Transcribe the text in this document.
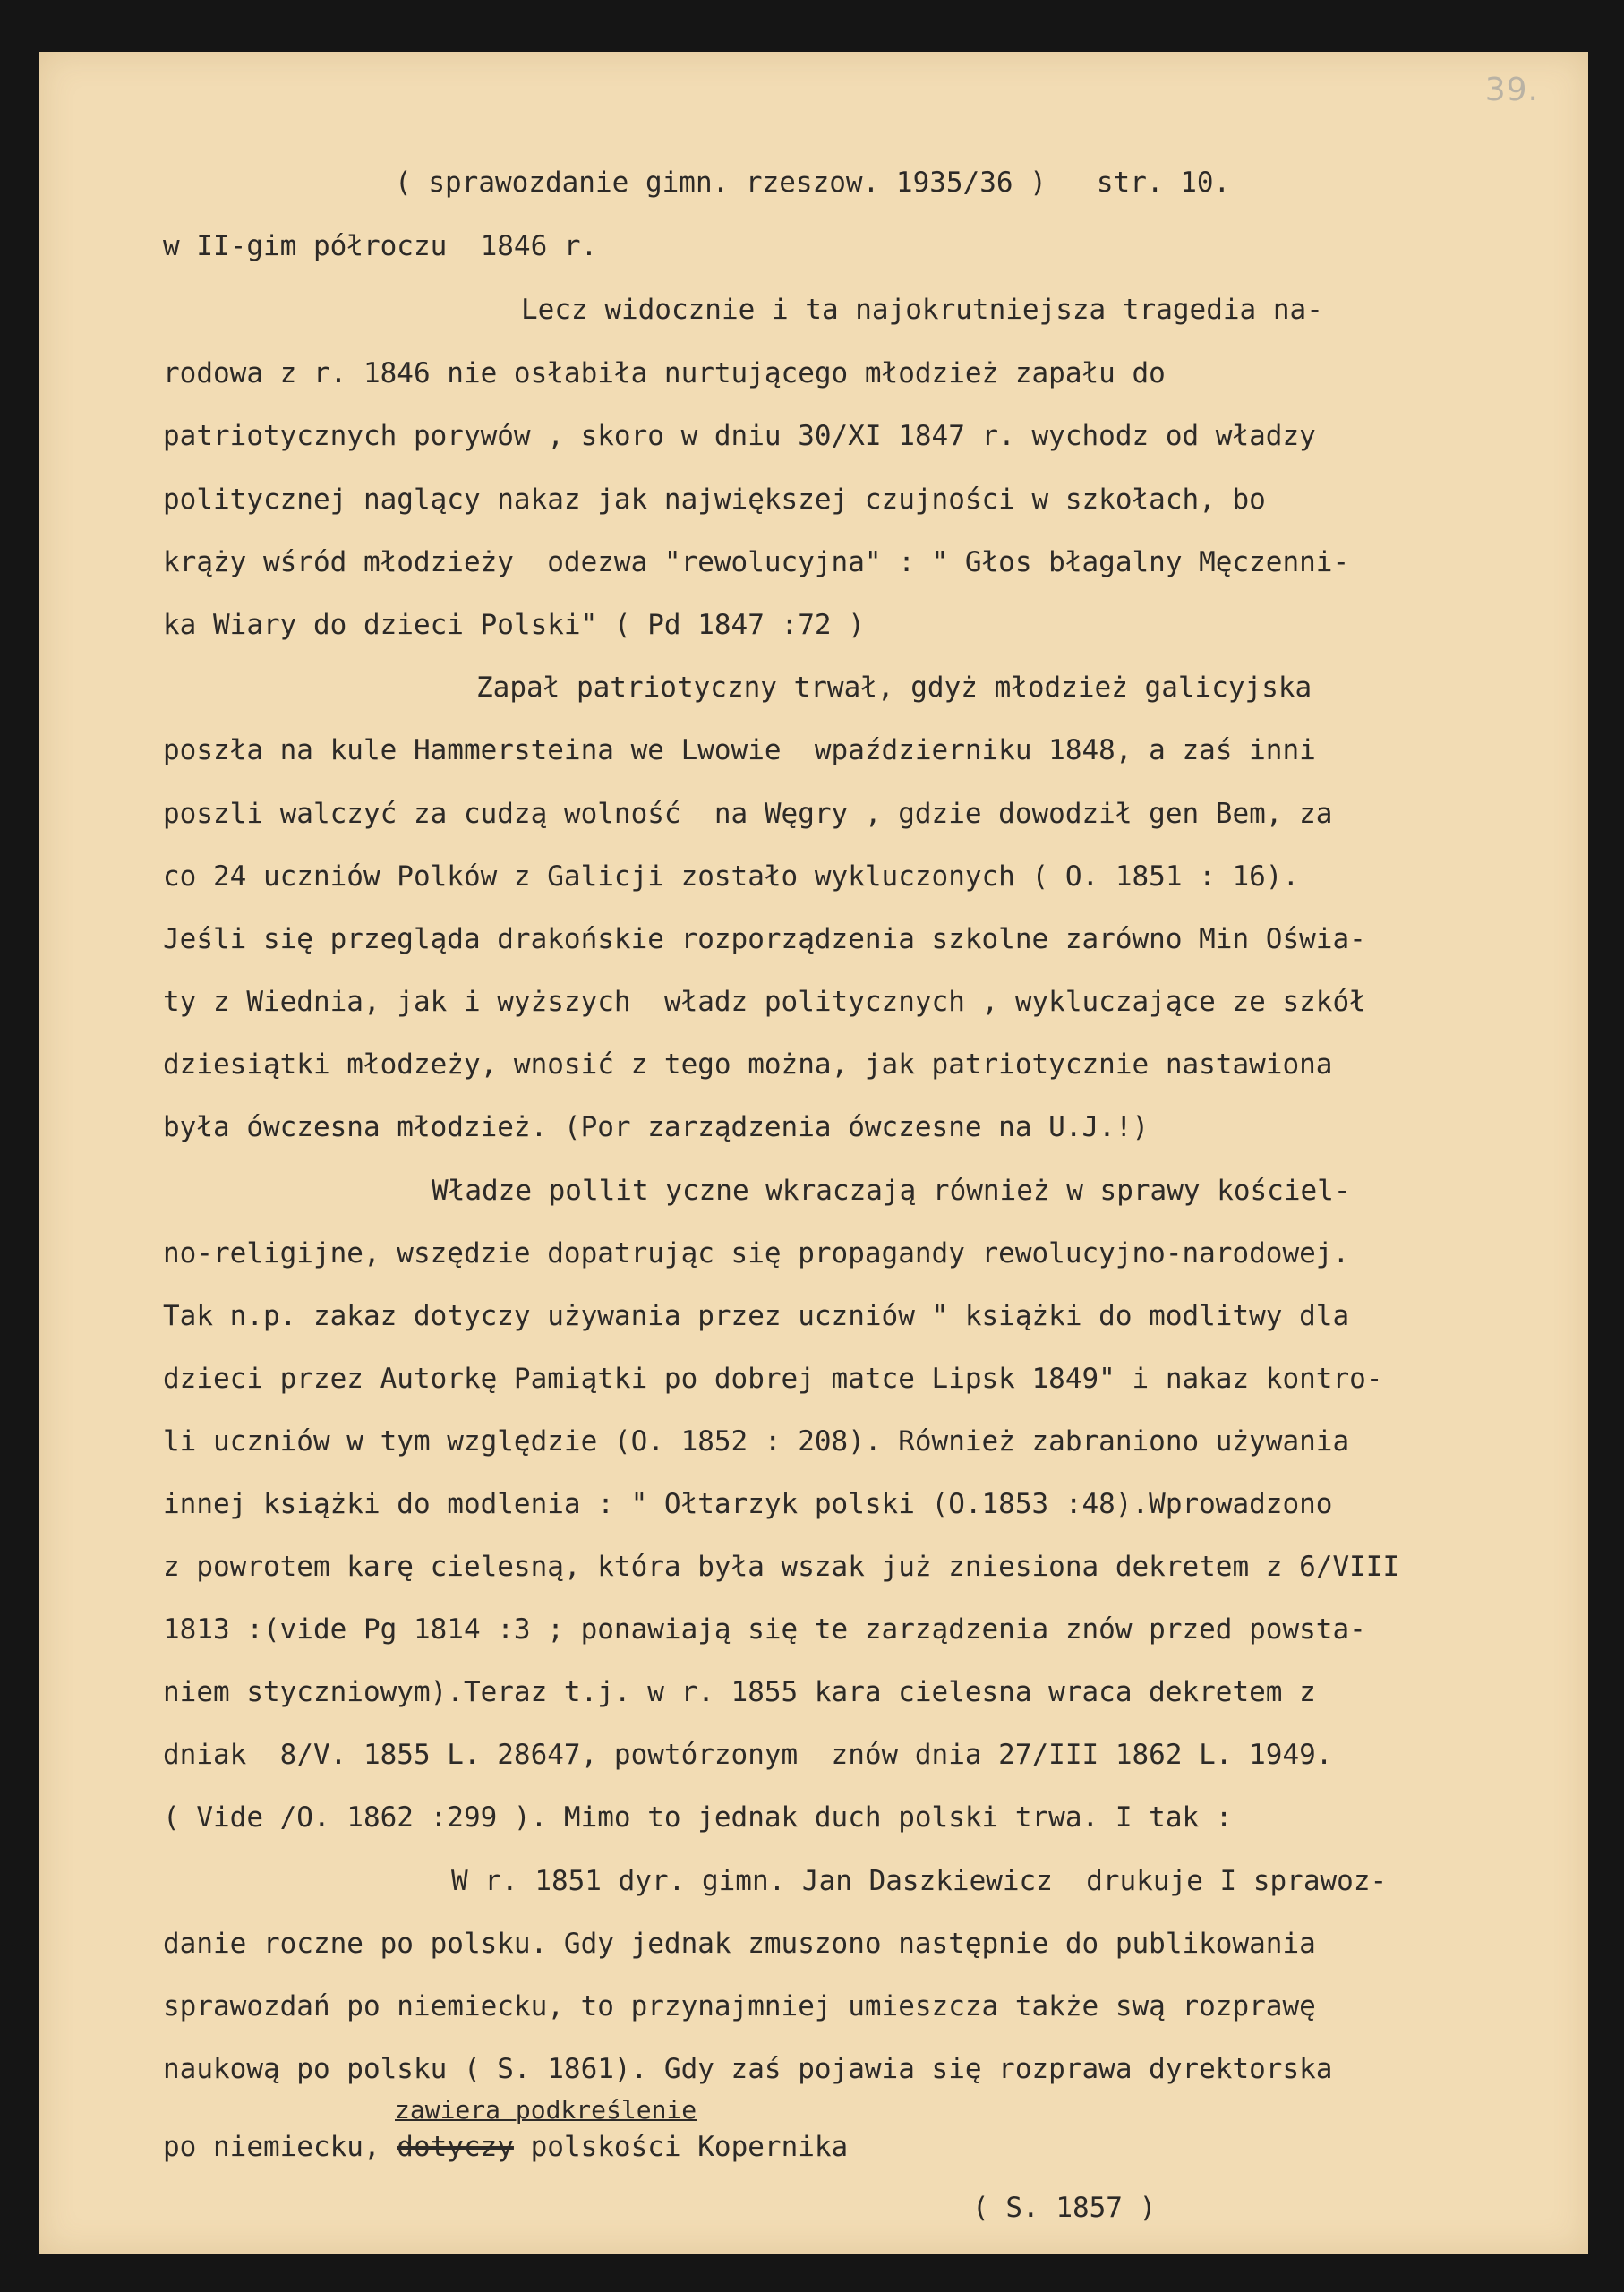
39.

( sprawozdanie gimn. rzeszow. 1935/36 )   str. 10.

w II-gim półroczu  1846 r.

Lecz widocznie i ta najokrutniejsza tragedia na-

rodowa z r. 1846 nie osłabiła nurtującego młodzież zapału do

patriotycznych porywów , skoro w dniu 30/XI 1847 r. wychodz od władzy

politycznej naglący nakaz jak największej czujności w szkołach, bo

krąży wśród młodzieży  odezwa "rewolucyjna" : " Głos błagalny Męczenni-

ka Wiary do dzieci Polski" ( Pd 1847 :72 )

Zapał patriotyczny trwał, gdyż młodzież galicyjska

poszła na kule Hammersteina we Lwowie  wpaździerniku 1848, a zaś inni

poszli walczyć za cudzą wolność  na Węgry , gdzie dowodził gen Bem, za

co 24 uczniów Polków z Galicji zostało wykluczonych ( O. 1851 : 16).

Jeśli się przegląda drakońskie rozporządzenia szkolne zarówno Min Oświa-

ty z Wiednia, jak i wyższych  władz politycznych , wykluczające ze szkół

dziesiątki młodzeży, wnosić z tego można, jak patriotycznie nastawiona

była ówczesna młodzież. (Por zarządzenia ówczesne na U.J.!)

Władze pollit yczne wkraczają również w sprawy kościel-

no-religijne, wszędzie dopatrując się propagandy rewolucyjno-narodowej.

Tak n.p. zakaz dotyczy używania przez uczniów " książki do modlitwy dla

dzieci przez Autorkę Pamiątki po dobrej matce Lipsk 1849" i nakaz kontro-

li uczniów w tym względzie (O. 1852 : 208). Również zabraniono używania

innej książki do modlenia : " Ołtarzyk polski (O.1853 :48).Wprowadzono

z powrotem karę cielesną, która była wszak już zniesiona dekretem z 6/VIII

1813 :(vide Pg 1814 :3 ; ponawiają się te zarządzenia znów przed powsta-

niem styczniowym).Teraz t.j. w r. 1855 kara cielesna wraca dekretem z

dniak  8/V. 1855 L. 28647, powtórzonym  znów dnia 27/III 1862 L. 1949.

( Vide /O. 1862 :299 ). Mimo to jednak duch polski trwa. I tak :

W r. 1851 dyr. gimn. Jan Daszkiewicz  drukuje I sprawoz-

danie roczne po polsku. Gdy jednak zmuszono następnie do publikowania

sprawozdań po niemiecku, to przynajmniej umieszcza także swą rozprawę

naukową po polsku ( S. 1861). Gdy zaś pojawia się rozprawa dyrektorska

zawiera podkreślenie

po niemiecku, dotyczy polskości Kopernika

( S. 1857 )
